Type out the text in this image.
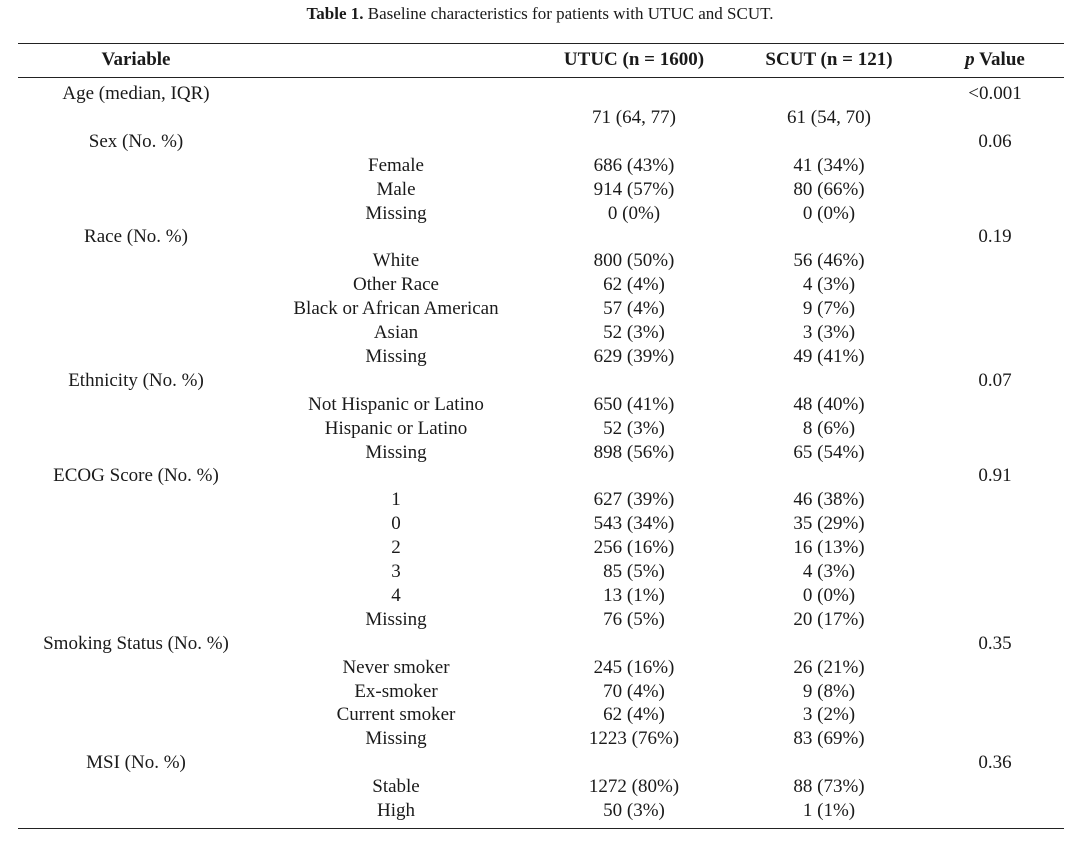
Table 1. Baseline characteristics for patients with UTUC and SCUT.
Variable	UTUC (n = 1600)	SCUT (n = 121)	p Value
Age (median, IQR)	<0.001
71 (64, 77)	61 (54, 70)
Sex (No. %)	0.06
Female	686 (43%)	41 (34%)
Male	914 (57%)	80 (66%)
Missing	0 (0%)	0 (0%)
Race (No. %)	0.19
White	800 (50%)	56 (46%)
Other Race	62 (4%)	4 (3%)
Black or African American	57 (4%)	9 (7%)
Asian	52 (3%)	3 (3%)
Missing	629 (39%)	49 (41%)
Ethnicity (No. %)	0.07
Not Hispanic or Latino	650 (41%)	48 (40%)
Hispanic or Latino	52 (3%)	8 (6%)
Missing	898 (56%)	65 (54%)
ECOG Score (No. %)	0.91
1	627 (39%)	46 (38%)
0	543 (34%)	35 (29%)
2	256 (16%)	16 (13%)
3	85 (5%)	4 (3%)
4	13 (1%)	0 (0%)
Missing	76 (5%)	20 (17%)
Smoking Status (No. %)	0.35
Never smoker	245 (16%)	26 (21%)
Ex-smoker	70 (4%)	9 (8%)
Current smoker	62 (4%)	3 (2%)
Missing	1223 (76%)	83 (69%)
MSI (No. %)	0.36
Stable	1272 (80%)	88 (73%)
High	50 (3%)	1 (1%)
